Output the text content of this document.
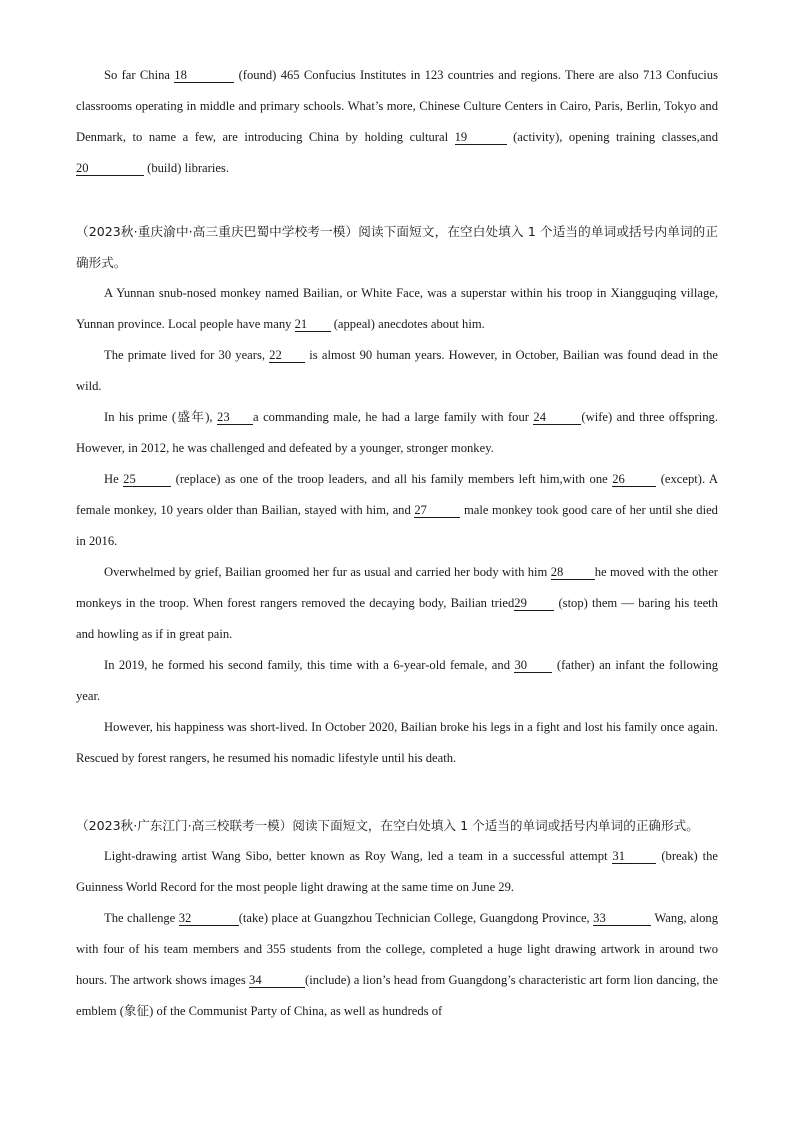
So far China 18	(found) 465 Confucius Institutes in 123 countries and regions. There are also 713 Confucius classrooms operating in middle and primary schools. What’s more, Chinese Culture Centers in Cairo, Paris, Berlin, Tokyo and Denmark, to name a few, are introducing China by holding cultural 19	(activity), opening training classes,and 20	(build) libraries.

（2023秋·重庆渝中·高三重庆巴蜀中学校考一模）阅读下面短文，在空白处填入 1 个适当的单词或括号内单词的正确形式。

A Yunnan snub-nosed monkey named Bailian, or White Face, was a superstar within his troop in Xiangguqing village, Yunnan province. Local people have many 21 (appeal) anecdotes about him.

The primate lived for 30 years, 22 is almost 90 human years. However, in October, Bailian was found dead in the wild.

In his prime (盛年), 23 a commanding male, he had a large family with four 24	(wife) and three offspring. However, in 2012, he was challenged and defeated by a younger, stronger monkey.

He 25	(replace) as one of the troop leaders, and all his family members left him,with one 26 (except). A female monkey, 10 years older than Bailian, stayed with him, and 27	male monkey took good care of her until she died in 2016.

Overwhelmed by grief, Bailian groomed her fur as usual and carried her body with him 28 he moved with the other monkeys in the troop. When forest rangers removed the decaying body, Bailian tried29 (stop) them — baring his teeth and howling as if in great pain.

In 2019, he formed his second family, this time with a 6-year-old female, and 30 (father) an infant the following year.

However, his happiness was short-lived. In October 2020, Bailian broke his legs in a fight and lost his family once again. Rescued by forest rangers, he resumed his nomadic lifestyle until his death.

（2023秋·广东江门·高三校联考一模）阅读下面短文，在空白处填入 1 个适当的单词或括号内单词的正确形式。

Light-drawing artist Wang Sibo, better known as Roy Wang, led a team in a successful attempt 31 (break) the Guinness World Record for the most people light drawing at the same time on June 29.

The challenge 32	(take) place at Guangzhou Technician College, Guangdong Province, 33	Wang, along with four of his team members and 355 students from the college, completed a huge light drawing artwork in around two hours. The artwork shows images 34	(include) a lion’s head from Guangdong’s characteristic art form lion dancing, the emblem (象征) of the Communist Party of China, as well as hundreds of
